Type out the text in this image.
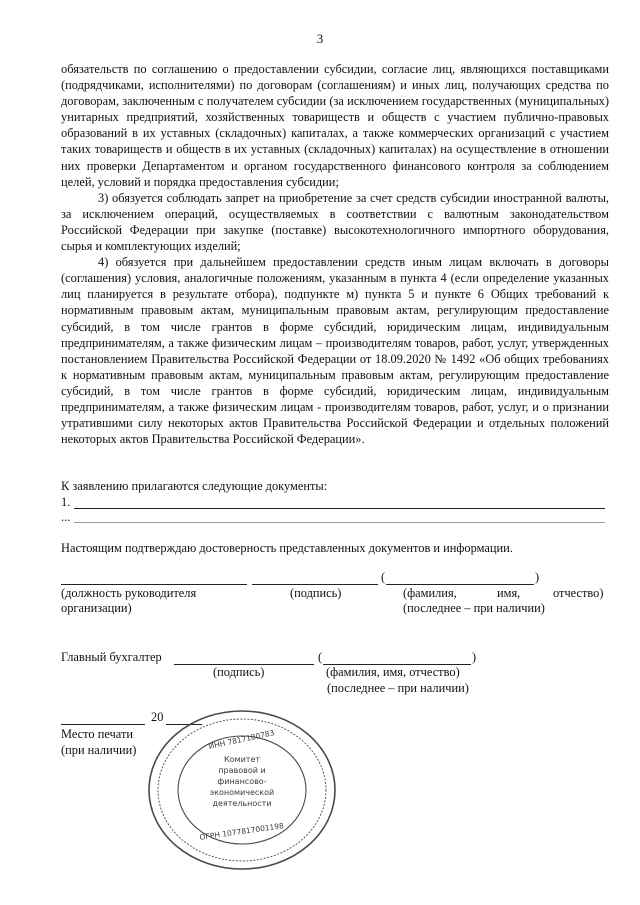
3

обязательств по соглашению о предоставлении субсидии, согласие лиц, являющихся поставщиками (подрядчиками, исполнителями) по договорам (соглашениям) и иных лиц, получающих средства по договорам, заключенным с получателем субсидии (за исключением государственных (муниципальных) унитарных предприятий, хозяйственных товариществ и обществ с участием публично-правовых образований в их уставных (складочных) капиталах, а также коммерческих организаций с участием таких товариществ и обществ в их уставных (складочных) капиталах) на осуществление в отношении них проверки Департаментом и органом государственного финансового контроля за соблюдением целей, условий и порядка предоставления субсидии;

3) обязуется соблюдать запрет на приобретение за счет средств субсидии иностранной валюты, за исключением операций, осуществляемых в соответствии с валютным законодательством Российской Федерации при закупке (поставке) высокотехнологичного импортного оборудования, сырья и комплектующих изделий;

4) обязуется при дальнейшем предоставлении средств иным лицам включать в договоры (соглашения) условия, аналогичные положениям, указанным в пункта 4 (если определение указанных лиц планируется в результате отбора), подпункте м) пункта 5 и пункте 6 Общих требований к нормативным правовым актам, муниципальным правовым актам, регулирующим предоставление субсидий, в том числе грантов в форме субсидий, юридическим лицам, индивидуальным предпринимателям, а также физическим лицам – производителям товаров, работ, услуг, утвержденных постановлением Правительства Российской Федерации от 18.09.2020 № 1492 «Об общих требованиях к нормативным правовым актам, муниципальным правовым актам, регулирующим предоставление субсидий, в том числе грантов в форме субсидий, юридическим лицам, индивидуальным предпринимателям, а также физическим лицам - производителям товаров, работ, услуг, и о признании утратившими силу некоторых актов Правительства Российской Федерации и отдельных положений некоторых актов Правительства Российской Федерации».

К заявлению прилагаются следующие документы:
1.
...
Настоящим подтверждаю достоверность представленных документов и информации.
(	)
(должность руководителя
организации)
(подпись)	(фамилия,	имя,	отчество)
(последнее – при наличии)
Главный бухгалтер	(	)
(подпись)	(фамилия, имя, отчество)
(последнее – при наличии)
20
Место печати
(при наличии)	ИНН 7817180783
Комитет
правовой и
финансово-
экономической
деятельности
ОГРН 1077817001198
